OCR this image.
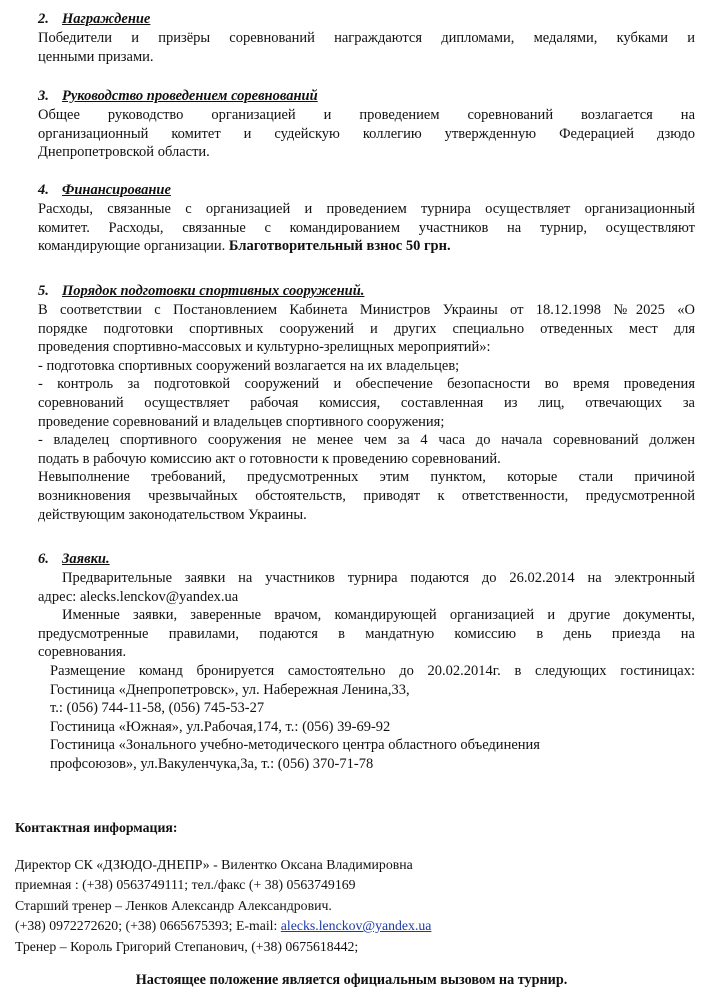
2. Награждение
Победители и призёры соревнований награждаются дипломами, медалями, кубками и
ценными призами.
3. Руководство проведением соревнований
Общее руководство организацией и проведением соревнований возлагается на
организационный комитет и судейскую коллегию утвержденную Федерацией дзюдо
Днепропетровской области.
4. Финансирование
Расходы, связанные с организацией и проведением турнира осуществляет организационный
комитет. Расходы, связанные с командированием участников на турнир, осуществляют
командирующие организации. Благотворительный взнос 50 грн.
5. Порядок подготовки спортивных сооружений.
В соответствии с Постановлением Кабинета Министров Украины от 18.12.1998 №2025 «О
порядке подготовки спортивных сооружений и других специально отведенных мест для
проведения спортивно-массовых и культурно-зрелищных мероприятий»:
- подготовка спортивных сооружений возлагается на их владельцев;
- контроль за подготовкой сооружений и обеспечение безопасности во время проведения
соревнований осуществляет рабочая комиссия, составленная из лиц, отвечающих за
проведение соревнований и владельцев спортивного сооружения;
- владелец спортивного сооружения не менее чем за 4 часа до начала соревнований должен
подать в рабочую комиссию акт о готовности к проведению соревнований.
Невыполнение требований, предусмотренных этим пунктом, которые стали причиной
возникновения чрезвычайных обстоятельств, приводят к ответственности, предусмотренной
действующим законодательством Украины.
6. Заявки.
Предварительные заявки на участников турнира подаются до 26.02.2014 на электронный
адрес: alecks.lenckov@yandex.ua
Именные заявки, заверенные врачом, командирующей организацией и другие документы,
предусмотренные правилами, подаются в мандатную комиссию в день приезда на
соревнования.
Размещение команд бронируется самостоятельно до 20.02.2014г. в следующих гостиницах:
Гостиница «Днепропетровск», ул. Набережная Ленина,33,
т.: (056) 744-11-58, (056) 745-53-27
Гостиница «Южная», ул.Рабочая,174, т.: (056) 39-69-92
Гостиница «Зонального учебно-методического центра областного объединения
профсоюзов», ул.Вакуленчука,3а, т.: (056) 370-71-78
Контактная информация:
Директор СК «ДЗЮДО-ДНЕПР» - Вилентко Оксана Владимировна
приемная : (+38) 0563749111; тел./факс (+ 38) 0563749169
Старший тренер – Ленков Александр Александрович.
(+38) 0972272620; (+38) 0665675393; E-mail: alecks.lenckov@yandex.ua
Тренер – Король Григорий Степанович, (+38) 0675618442;
Настоящее положение является официальным вызовом на турнир.
